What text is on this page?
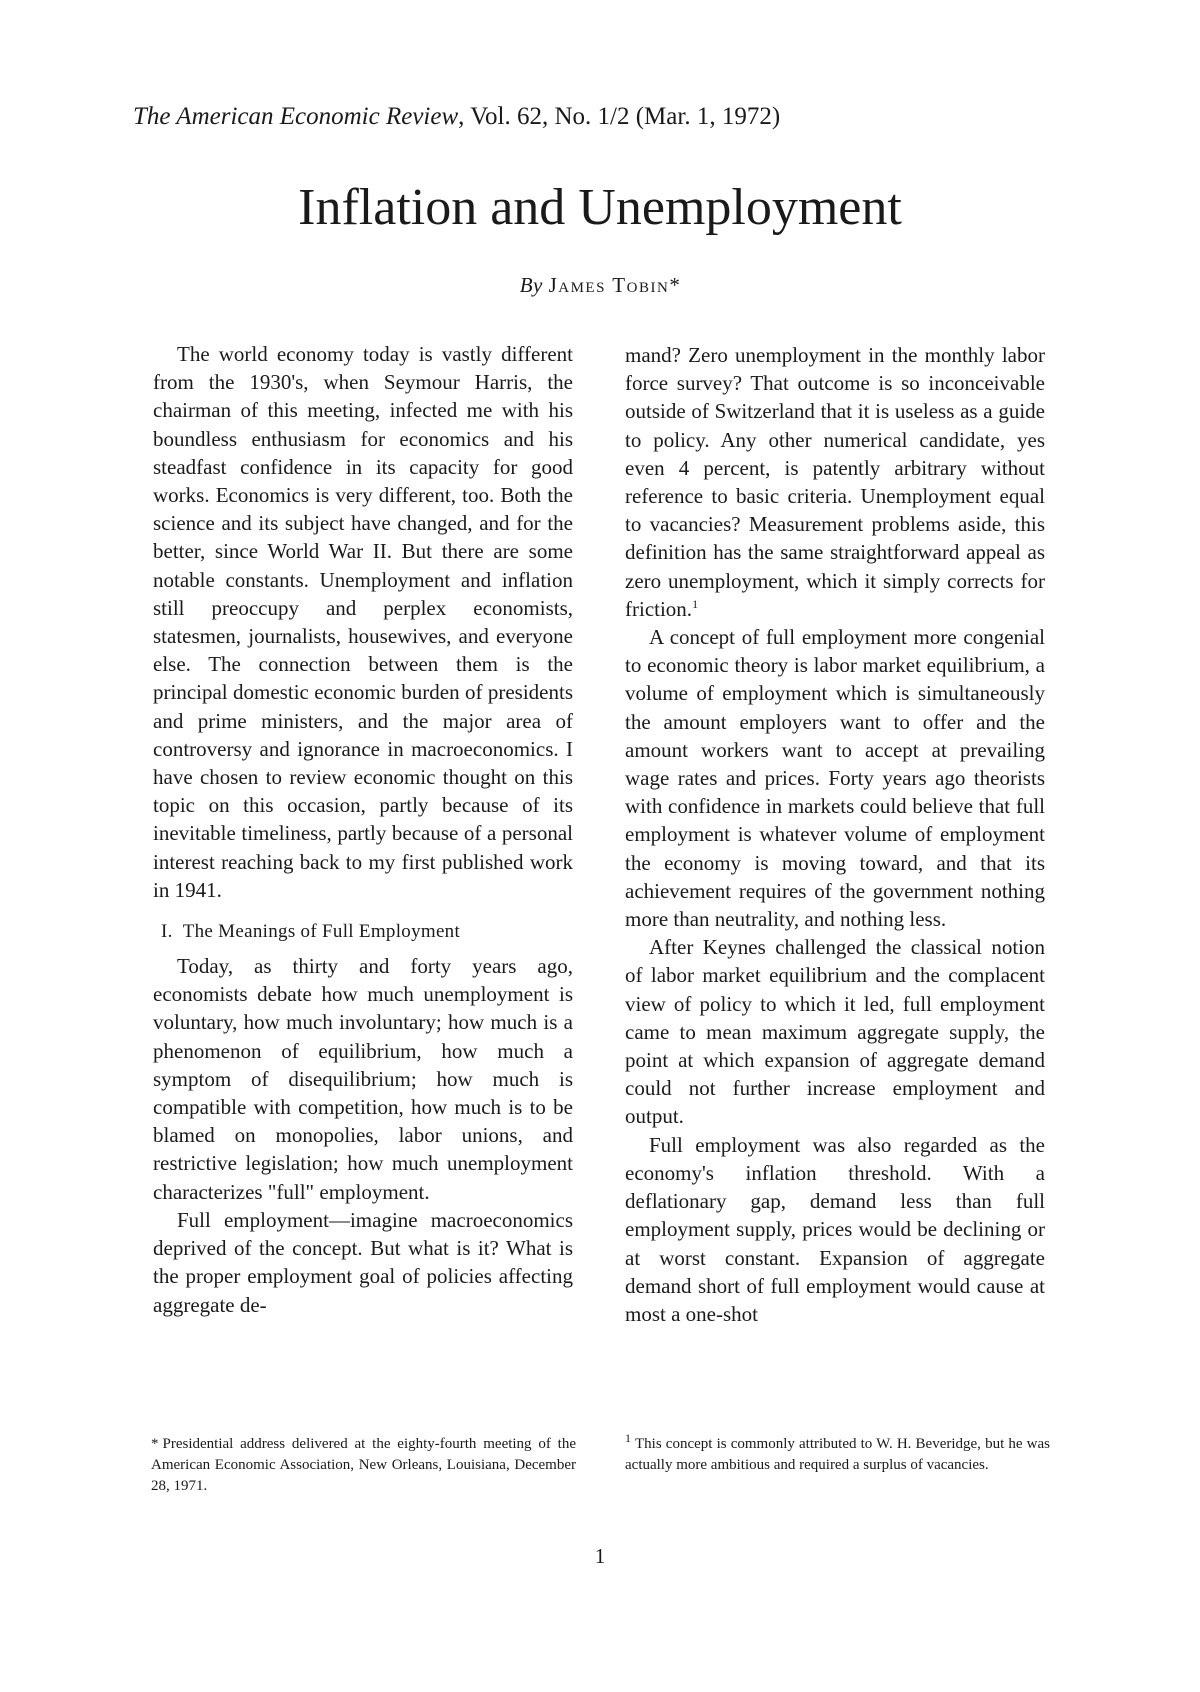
The American Economic Review, Vol. 62, No. 1/2 (Mar. 1, 1972)
Inflation and Unemployment
By James Tobin*

The world economy today is vastly different from the 1930's, when Seymour Harris, the chairman of this meeting, infected me with his boundless enthusiasm for economics and his steadfast confidence in its capacity for good works. Economics is very different, too. Both the science and its subject have changed, and for the better, since World War II. But there are some notable constants. Unemployment and inflation still preoccupy and perplex economists, statesmen, journalists, housewives, and everyone else. The connection between them is the principal domestic economic burden of presidents and prime ministers, and the major area of controversy and ignorance in macroeconomics. I have chosen to review economic thought on this topic on this occasion, partly because of its inevitable timeliness, partly because of a personal interest reaching back to my first published work in 1941.

I. The Meanings of Full Employment

Today, as thirty and forty years ago, economists debate how much unemployment is voluntary, how much involuntary; how much is a phenomenon of equilibrium, how much a symptom of disequilibrium; how much is compatible with competition, how much is to be blamed on monopolies, labor unions, and restrictive legislation; how much unemployment characterizes "full" employment.

Full employment—imagine macroeconomics deprived of the concept. But what is it? What is the proper employment goal of policies affecting aggregate de-

mand? Zero unemployment in the monthly labor force survey? That outcome is so inconceivable outside of Switzerland that it is useless as a guide to policy. Any other numerical candidate, yes even 4 percent, is patently arbitrary without reference to basic criteria. Unemployment equal to vacancies? Measurement problems aside, this definition has the same straightforward appeal as zero unemployment, which it simply corrects for friction.$^1$

A concept of full employment more congenial to economic theory is labor market equilibrium, a volume of employment which is simultaneously the amount employers want to offer and the amount workers want to accept at prevailing wage rates and prices. Forty years ago theorists with confidence in markets could believe that full employment is whatever volume of employment the economy is moving toward, and that its achievement requires of the government nothing more than neutrality, and nothing less.

After Keynes challenged the classical notion of labor market equilibrium and the complacent view of policy to which it led, full employment came to mean maximum aggregate supply, the point at which expansion of aggregate demand could not further increase employment and output.

Full employment was also regarded as the economy's inflation threshold. With a deflationary gap, demand less than full employment supply, prices would be declining or at worst constant. Expansion of aggregate demand short of full employment would cause at most a one-shot

* Presidential address delivered at the eighty-fourth meeting of the American Economic Association, New Orleans, Louisiana, December 28, 1971.
$^1$ This concept is commonly attributed to W. H. Beveridge, but he was actually more ambitious and required a surplus of vacancies.
1
